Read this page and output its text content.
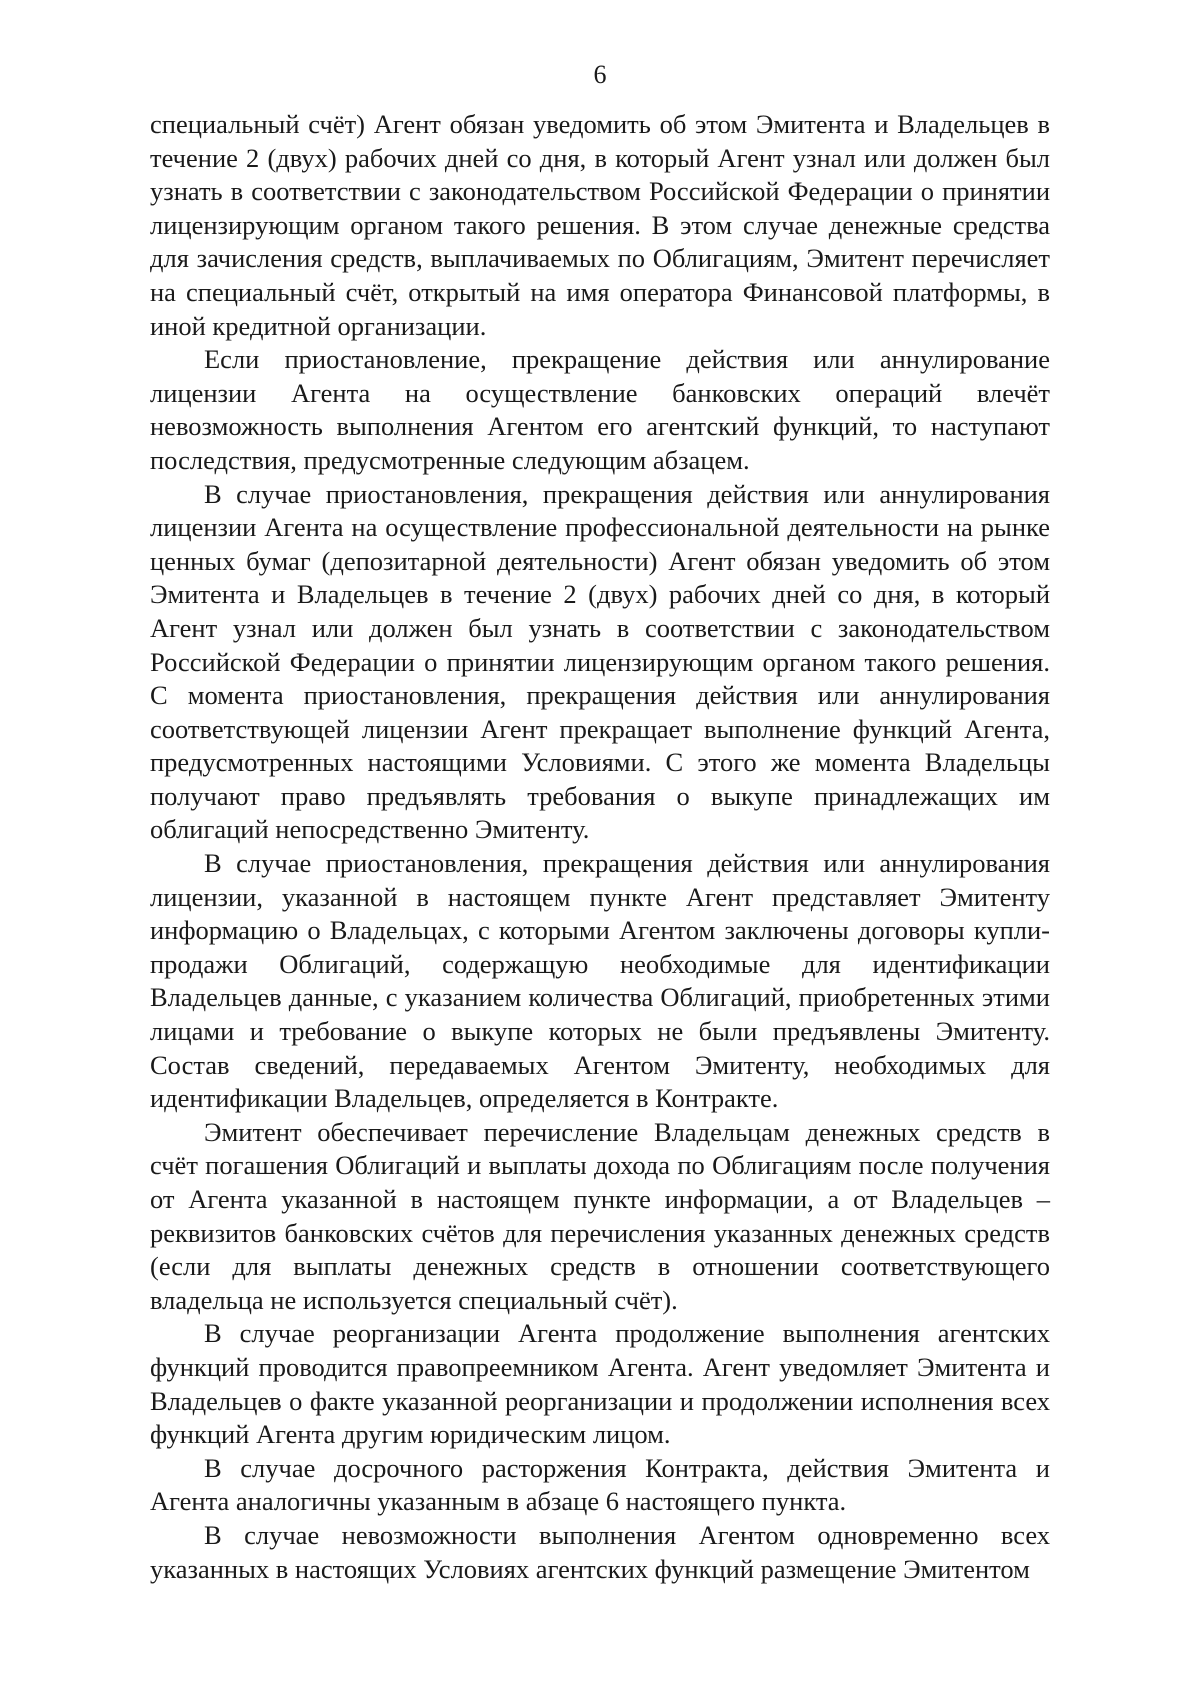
6

специальный счёт) Агент обязан уведомить об этом Эмитента и Владельцев в течение 2 (двух) рабочих дней со дня, в который Агент узнал или должен был узнать в соответствии с законодательством Российской Федерации о принятии лицензирующим органом такого решения. В этом случае денежные средства для зачисления средств, выплачиваемых по Облигациям, Эмитент перечисляет на специальный счёт, открытый на имя оператора Финансовой платформы, в иной кредитной организации.

Если приостановление, прекращение действия или аннулирование лицензии Агента на осуществление банковских операций влечёт невозможность выполнения Агентом его агентский функций, то наступают последствия, предусмотренные следующим абзацем.

В случае приостановления, прекращения действия или аннулирования лицензии Агента на осуществление профессиональной деятельности на рынке ценных бумаг (депозитарной деятельности) Агент обязан уведомить об этом Эмитента и Владельцев в течение 2 (двух) рабочих дней со дня, в который Агент узнал или должен был узнать в соответствии с законодательством Российской Федерации о принятии лицензирующим органом такого решения. С момента приостановления, прекращения действия или аннулирования соответствующей лицензии Агент прекращает выполнение функций Агента, предусмотренных настоящими Условиями. С этого же момента Владельцы получают право предъявлять требования о выкупе принадлежащих им облигаций непосредственно Эмитенту.

В случае приостановления, прекращения действия или аннулирования лицензии, указанной в настоящем пункте Агент представляет Эмитенту информацию о Владельцах, с которыми Агентом заключены договоры купли-продажи Облигаций, содержащую необходимые для идентификации Владельцев данные, с указанием количества Облигаций, приобретенных этими лицами и требование о выкупе которых не были предъявлены Эмитенту. Состав сведений, передаваемых Агентом Эмитенту, необходимых для идентификации Владельцев, определяется в Контракте.

Эмитент обеспечивает перечисление Владельцам денежных средств в счёт погашения Облигаций и выплаты дохода по Облигациям после получения от Агента указанной в настоящем пункте информации, а от Владельцев – реквизитов банковских счётов для перечисления указанных денежных средств (если для выплаты денежных средств в отношении соответствующего владельца не используется специальный счёт).

В случае реорганизации Агента продолжение выполнения агентских функций проводится правопреемником Агента. Агент уведомляет Эмитента и Владельцев о факте указанной реорганизации и продолжении исполнения всех функций Агента другим юридическим лицом.

В случае досрочного расторжения Контракта, действия Эмитента и Агента аналогичны указанным в абзаце 6 настоящего пункта.

В случае невозможности выполнения Агентом одновременно всех указанных в настоящих Условиях агентских функций размещение Эмитентом
